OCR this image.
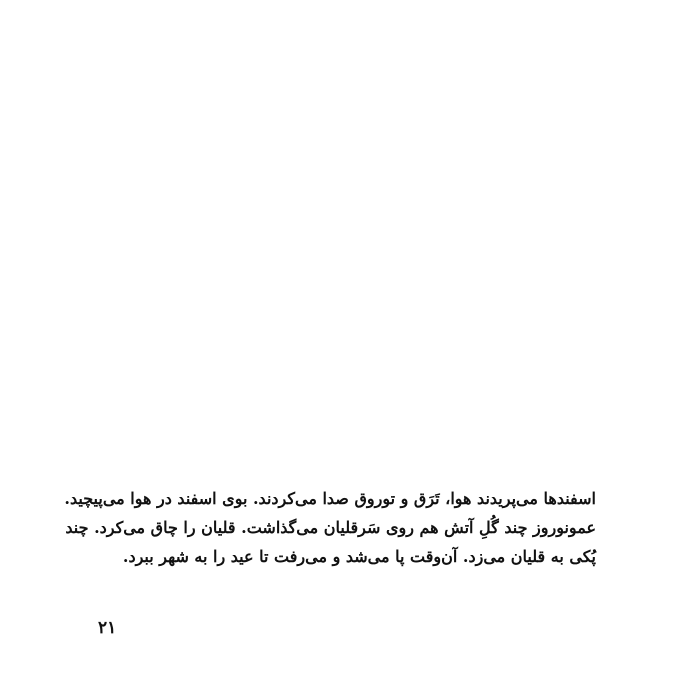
اسفندها می‌پریدند هوا، تَرَق و توروق صدا می‌کردند. بوی اسفند در هوا می‌پیچید.
عمونوروز چند گُلِ آتش هم روی سَرقلیان می‌گذاشت. قلیان را چاق می‌کرد. چند
پُکی به قلیان می‌زد. آن‌وقت پا می‌شد و می‌رفت تا عید را به شهر ببرد.
۲۱
